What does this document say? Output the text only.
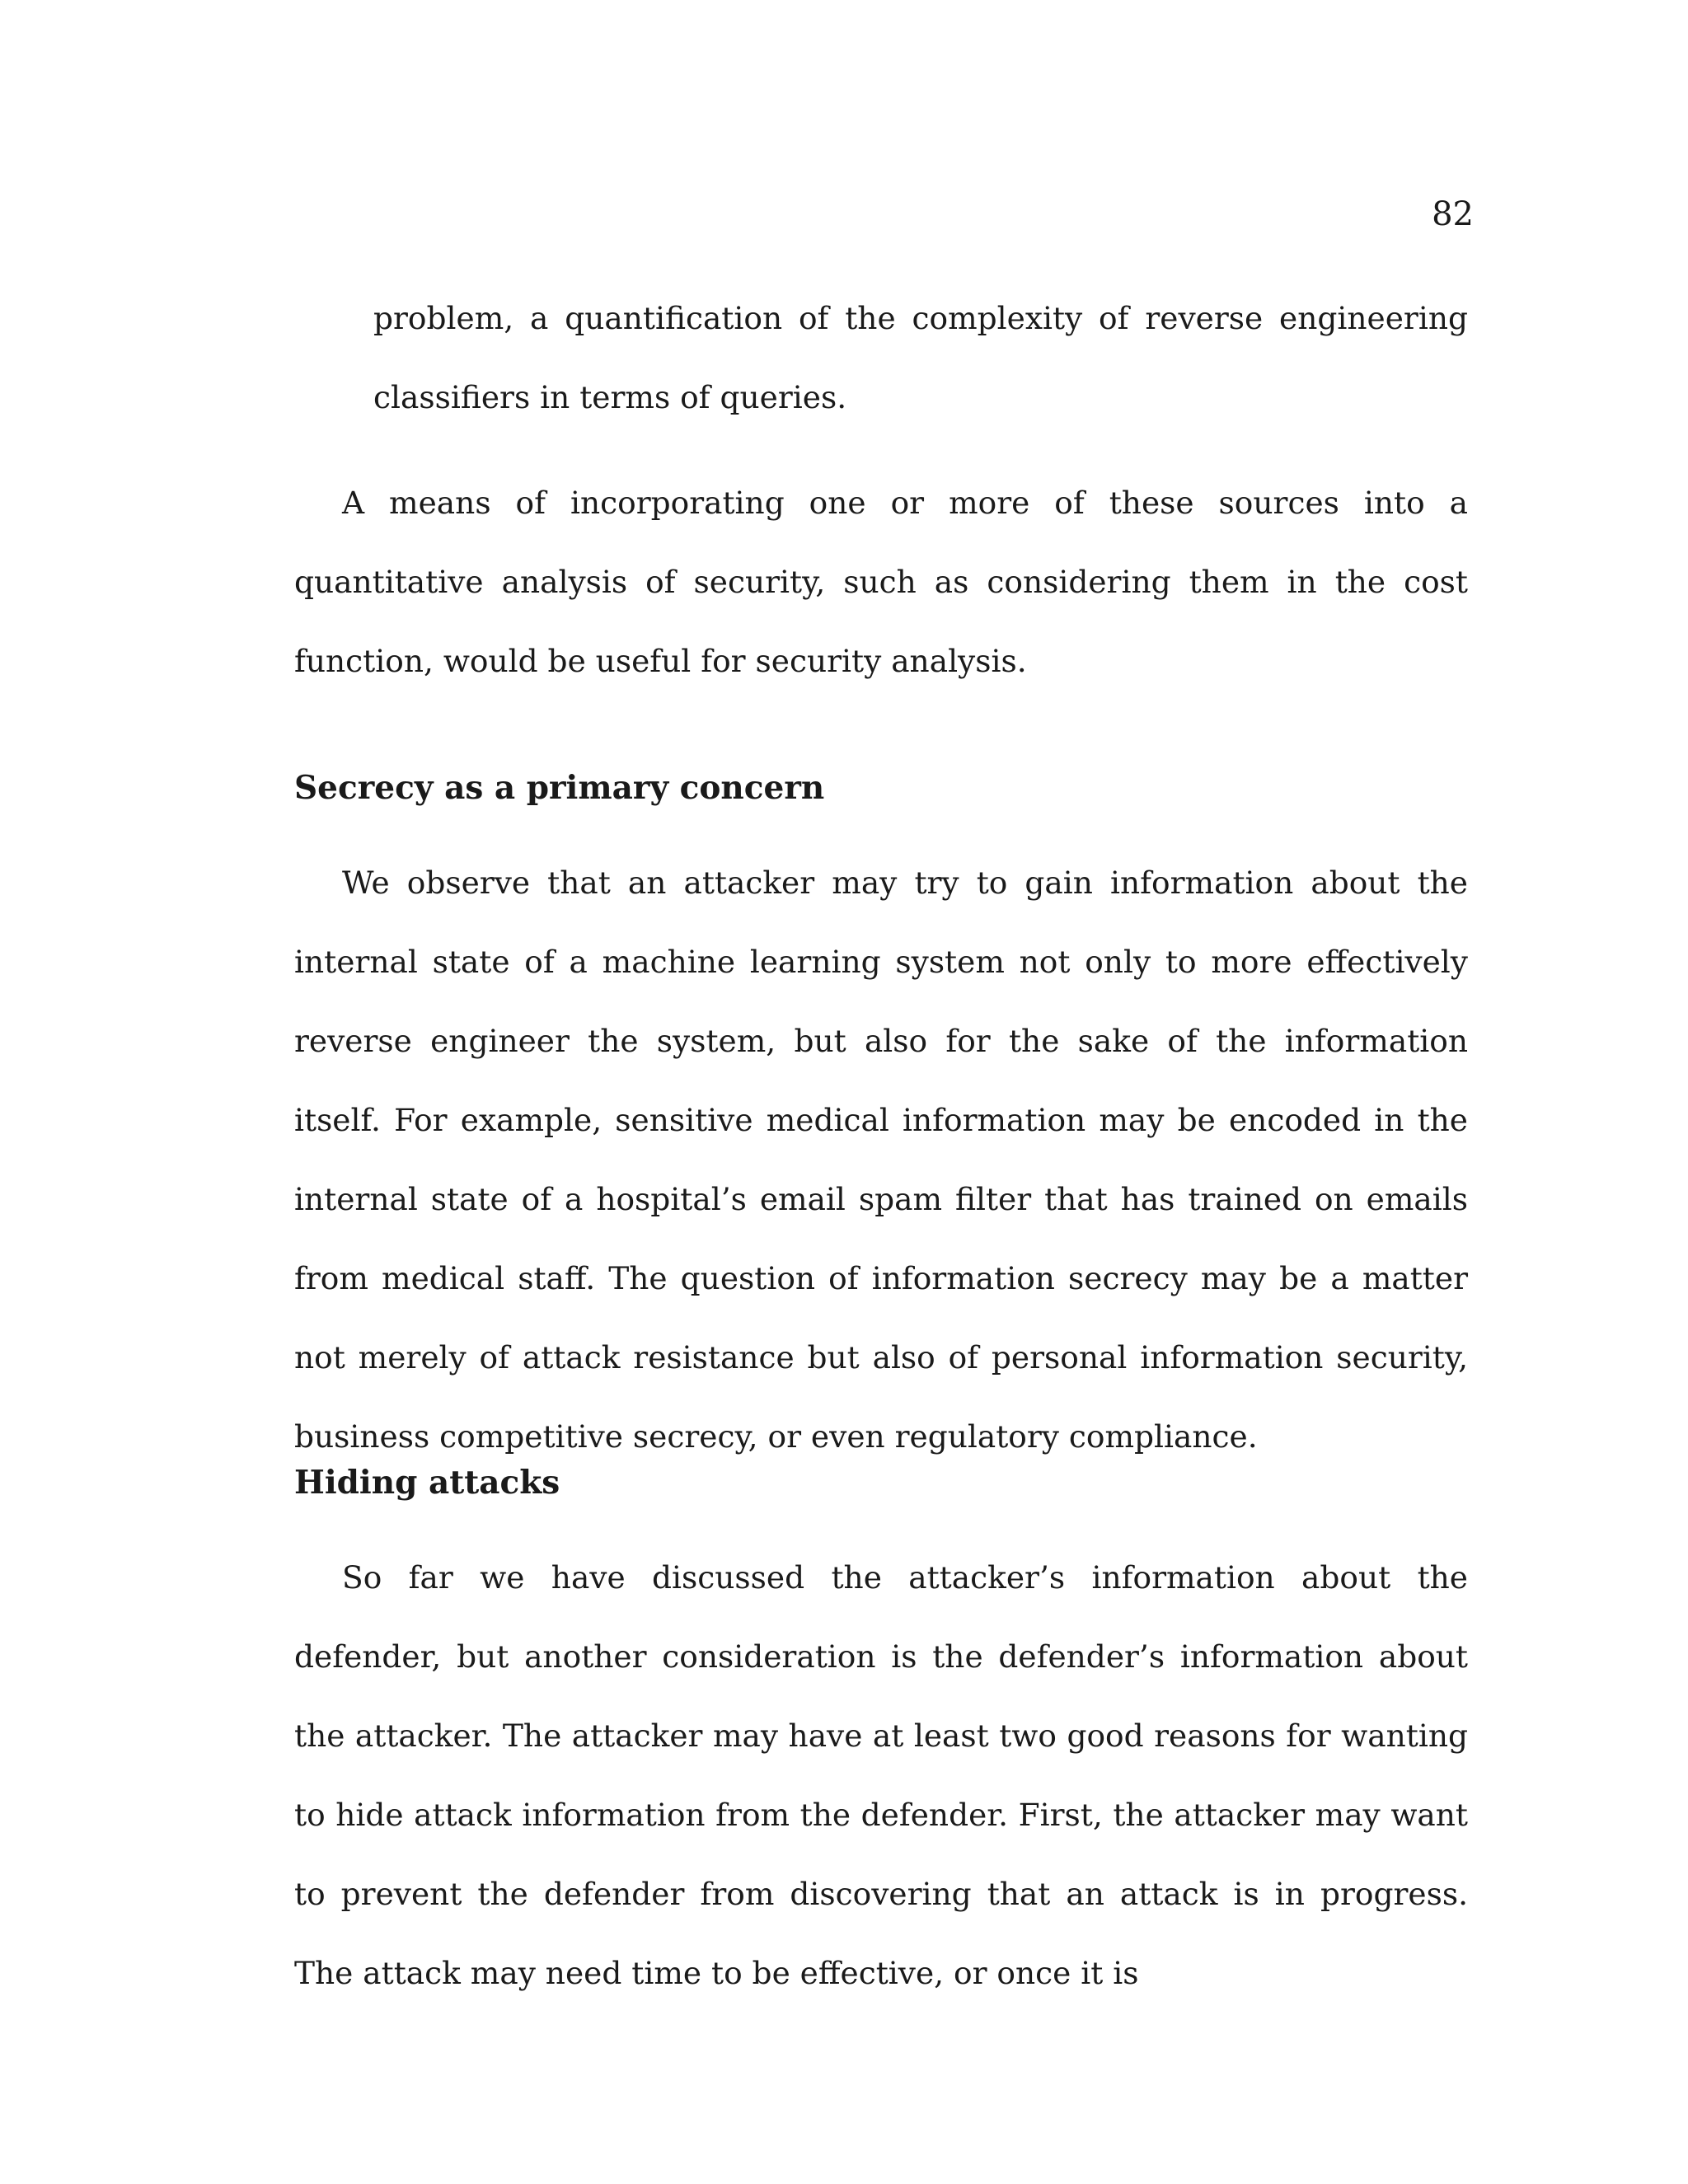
82
problem, a quantification of the complexity of reverse engineering classifiers in terms of queries.

A means of incorporating one or more of these sources into a quantitative analysis of security, such as considering them in the cost function, would be useful for security analysis.

Secrecy as a primary concern

We observe that an attacker may try to gain information about the internal state of a machine learning system not only to more effectively reverse engineer the system, but also for the sake of the information itself. For example, sensitive medical information may be encoded in the internal state of a hospital’s email spam filter that has trained on emails from medical staff. The question of information secrecy may be a matter not merely of attack resistance but also of personal information security, business competitive secrecy, or even regulatory compliance.

Hiding attacks

So far we have discussed the attacker’s information about the defender, but another consideration is the defender’s information about the attacker. The attacker may have at least two good reasons for wanting to hide attack information from the defender. First, the attacker may want to prevent the defender from discovering that an attack is in progress. The attack may need time to be effective, or once it is
